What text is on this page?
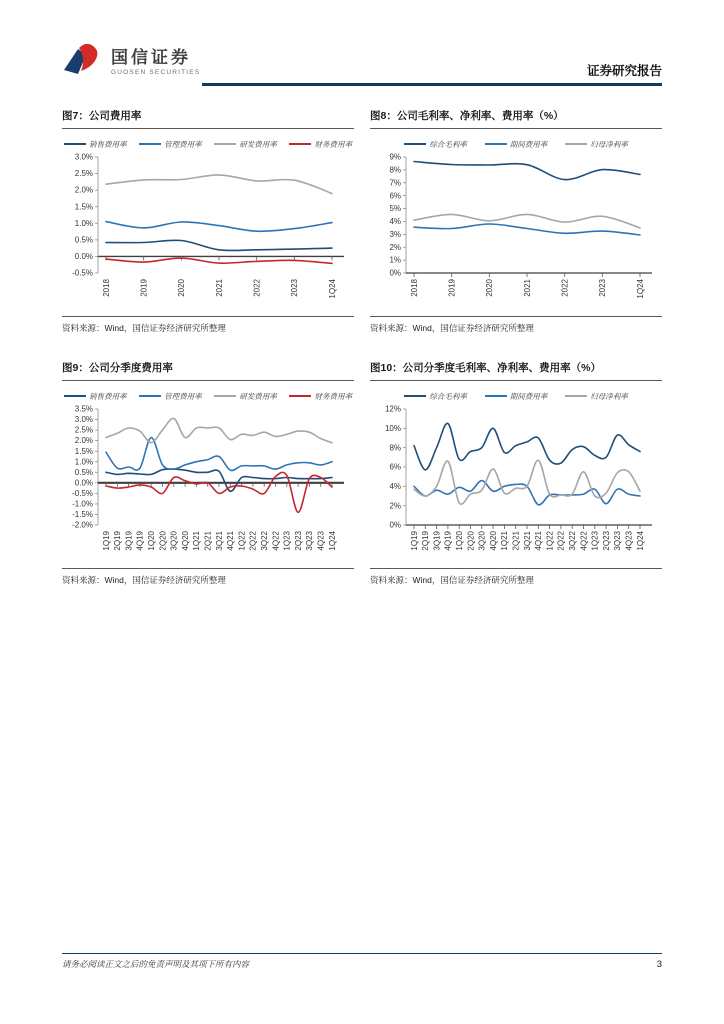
国信证券
GUOSEN SECURITIES	证券研究报告
图7：公司费用率
销售费用率	管理费用率	研发费用率	财务费用率
3.0%
2.5%
2.0%
1.5%
1.0%
0.5%
0.0%
-0.5%
2018	2019	2020	2021	2022	2023	1Q24
资料来源：Wind，国信证券经济研究所整理
图8：公司毛利率、净利率、费用率（%）
综合毛利率	期间费用率	归母净利率
9%
8%
7%
6%
5%
4%
3%
2%
1%
0%
2018	2019	2020	2021	2022	2023	1Q24
资料来源：Wind，国信证券经济研究所整理
图9：公司分季度费用率
销售费用率	管理费用率	研发费用率	财务费用率
3.5%
3.0%
2.5%
2.0%
1.5%
1.0%
0.5%
0.0%
-0.5%
-1.0%
-1.5%
-2.0%
1Q19 2Q19 3Q19 4Q19 1Q20 2Q20 3Q20 4Q20 1Q21 2Q21 3Q21 4Q21 1Q22 2Q22 3Q22 4Q22 1Q23 2Q23 3Q23 4Q23 1Q24
资料来源：Wind，国信证券经济研究所整理
图10：公司分季度毛利率、净利率、费用率（%）
综合毛利率	期间费用率	归母净利率
12%
10%
8%
6%
4%
2%
0%
1Q19 2Q19 3Q19 4Q19 1Q20 2Q20 3Q20 4Q20 1Q21 2Q21 3Q21 4Q21 1Q22 2Q22 3Q22 4Q22 1Q23 2Q23 3Q23 4Q23 1Q24
资料来源：Wind，国信证券经济研究所整理
请务必阅读正文之后的免责声明及其项下所有内容	3
